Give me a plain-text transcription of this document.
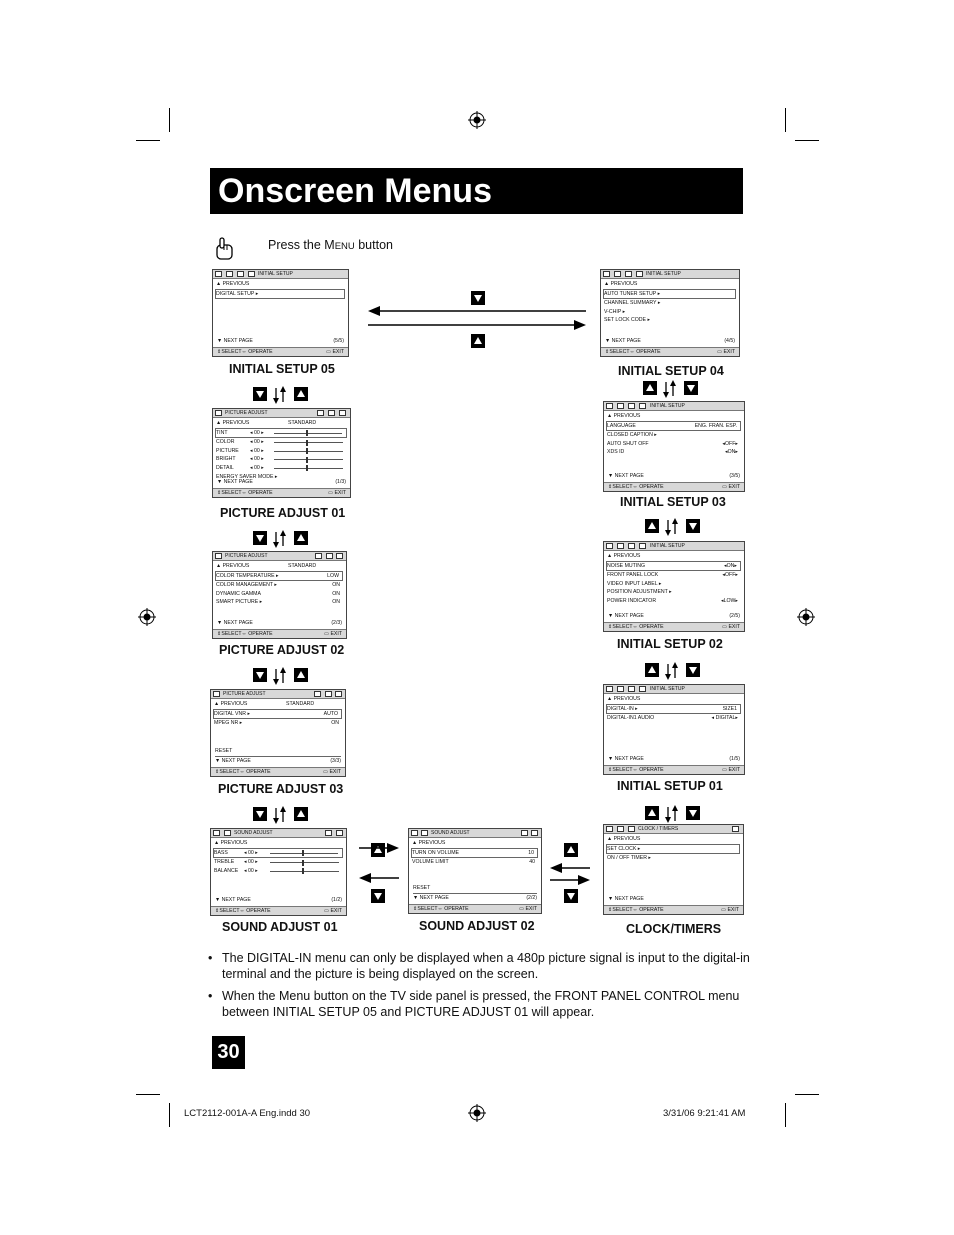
Onscreen Menus
Press the MENU button
INITIAL SETUP
▲ PREVIOUS
DIGITAL SETUP ▸
▼ NEXT PAGE	(5/5)
⇕SELECT⇔ OPERATE	▭ EXIT
INITIAL SETUP 05
INITIAL SETUP
▲ PREVIOUS
AUTO TUNER SETUP ▸
CHANNEL SUMMARY ▸
V-CHIP ▸
SET LOCK CODE ▸
▼ NEXT PAGE	(4/5)
⇕SELECT⇔ OPERATE	▭ EXIT
INITIAL SETUP 04
PICTURE ADJUST
▲ PREVIOUS	STANDARD
TINT	◂ 00 ▸
COLOR	◂ 00 ▸
PICTURE ◂ 00 ▸
BRIGHT	◂ 00 ▸
DETAIL	◂ 00 ▸
ENERGY SAVER MODE ▸
▼ NEXT PAGE	(1/3)
⇕SELECT⇔ OPERATE	▭ EXIT
PICTURE ADJUST 01
INITIAL SETUP
▲ PREVIOUS
LANGUAGE	ENG. FRAN. ESP.
CLOSED CAPTION ▸
AUTO SHUT OFF	◂OFF▸
XDS ID	◂ON▸
▼ NEXT PAGE	(3/5)
⇕SELECT⇔ OPERATE	▭ EXIT
INITIAL SETUP 03
PICTURE ADJUST
▲ PREVIOUS	STANDARD
COLOR TEMPERATURE ▸	LOW
COLOR MANAGEMENT ▸	ON
DYNAMIC GAMMA	ON
SMART PICTURE ▸	ON
▼ NEXT PAGE	(2/3)
⇕SELECT⇔ OPERATE	▭ EXIT
PICTURE ADJUST 02
INITIAL SETUP
▲ PREVIOUS
NOISE MUTING	◂ON▸
FRONT PANEL LOCK	◂OFF▸
VIDEO INPUT LABEL ▸
POSITION ADJUSTMENT ▸
POWER INDICATOR	◂LOW▸
▼ NEXT PAGE	(2/5)
⇕SELECT⇔ OPERATE	▭ EXIT
INITIAL SETUP 02
PICTURE ADJUST
▲ PREVIOUS	STANDARD
DIGITAL VNR ▸	AUTO
MPEG NR ▸	ON
RESET
▼ NEXT PAGE	(3/3)
⇕SELECT⇔ OPERATE	▭ EXIT
PICTURE ADJUST 03
INITIAL SETUP
▲ PREVIOUS
DIGITAL-IN ▸	SIZE1
DIGITAL-IN1 AUDIO	◂ DIGITAL▸
▼ NEXT PAGE	(1/5)
⇕SELECT⇔ OPERATE	▭ EXIT
INITIAL SETUP 01
SOUND ADJUST
▲ PREVIOUS
BASS	◂ 00 ▸
TREBLE ◂ 00 ▸
BALANCE ◂ 00 ▸
▼ NEXT PAGE	(1/2)
⇕SELECT⇔ OPERATE	▭ EXIT
SOUND ADJUST 01
SOUND ADJUST
▲ PREVIOUS
TURN ON VOLUME	10
VOLUME LIMIT	40
RESET
▼ NEXT PAGE	(2/2)
⇕SELECT⇔ OPERATE	▭ EXIT
SOUND ADJUST 02
CLOCK / TIMERS
▲ PREVIOUS
SET CLOCK ▸
ON / OFF TIMER ▸
▼ NEXT PAGE
⇕SELECT⇔ OPERATE	▭ EXIT
CLOCK/TIMERS
• The DIGITAL-IN menu can only be displayed when a 480p picture signal is input to the digital-in terminal and the picture is being displayed on the screen.
• When the Menu button on the TV side panel is pressed, the FRONT PANEL CONTROL menu between INITIAL SETUP 05 and PICTURE ADJUST 01 will appear.
30
LCT2112-001A-A Eng.indd 30	3/31/06 9:21:41 AM
